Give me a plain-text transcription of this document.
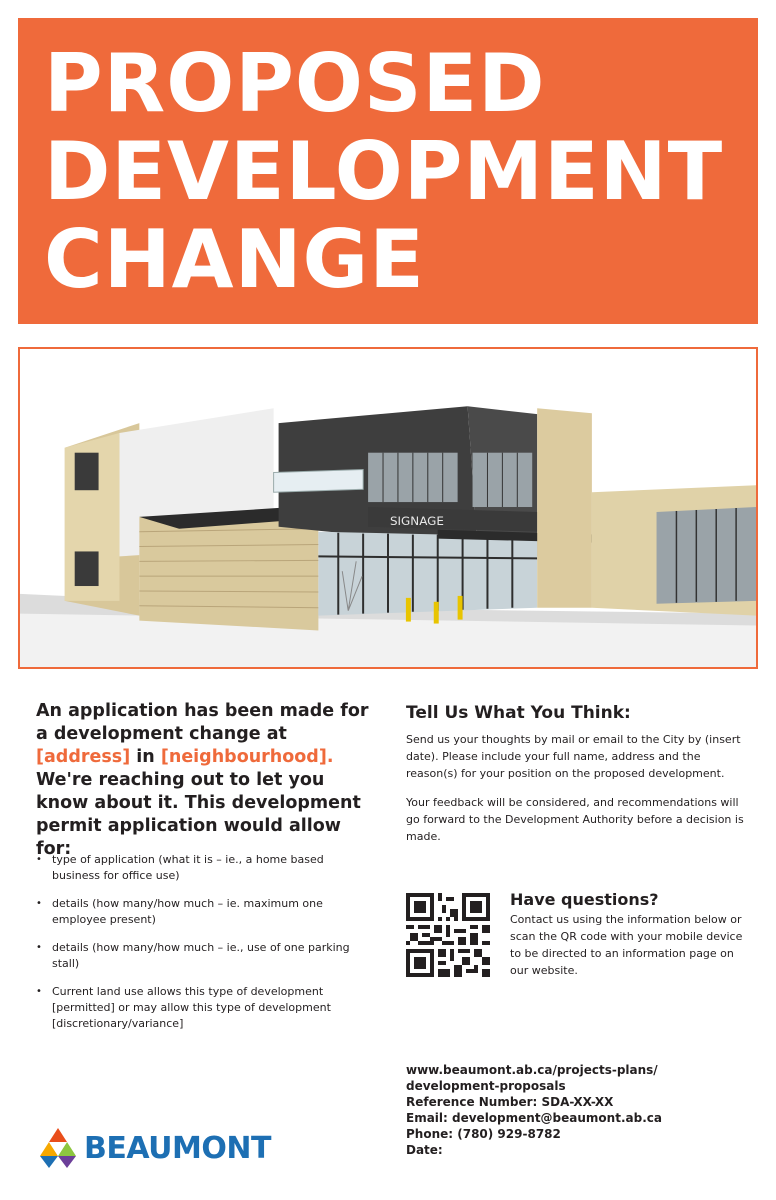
PROPOSED
DEVELOPMENT
CHANGE
SIGNAGE
An application has been made for a development change at [address] in [neighbourhood]. We're reaching out to let you know about it. This development permit application would allow for:
• type of application (what it is – ie., a home based business for office use)
• details (how many/how much – ie. maximum one employee present)
• details (how many/how much – ie., use of one parking stall)
• Current land use allows this type of development [permitted] or may allow this type of development [discretionary/variance]
Tell Us What You Think:

Send us your thoughts by mail or email to the City by (insert date). Please include your full name, address and the reason(s) for your position on the proposed development.

Your feedback will be considered, and recommendations will go forward to the Development Authority before a decision is made.

Have questions?
Contact us using the information below or scan the QR code with your mobile device to be directed to an information page on our website.
www.beaumont.ab.ca/projects-plans/
development-proposals
Reference Number: SDA-XX-XX
Email: development@beaumont.ab.ca
Phone: (780) 929-8782
Date:
BEAUMONT
